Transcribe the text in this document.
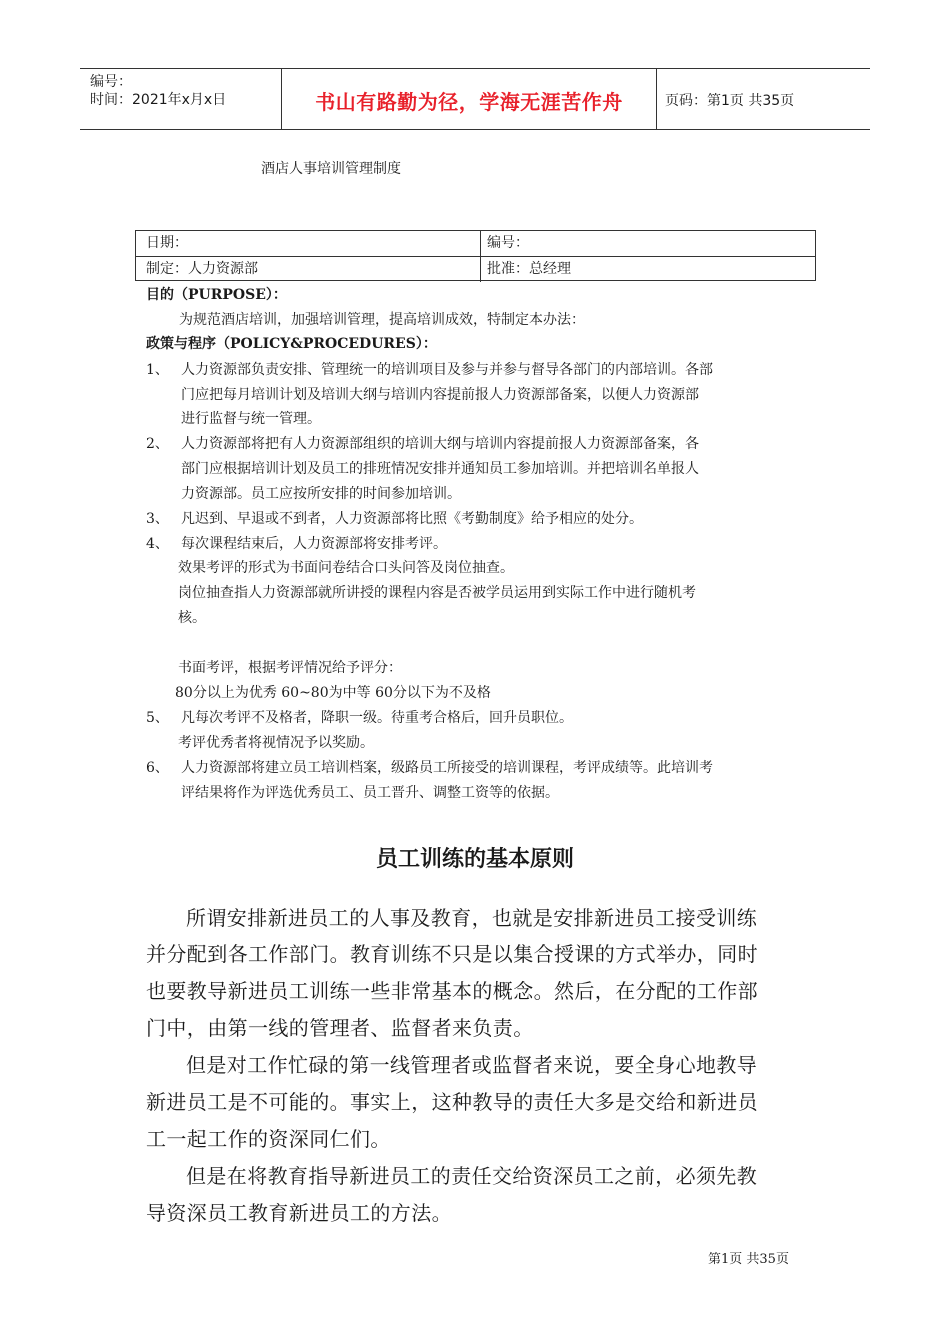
编号：
时间：2021年x月x日	书山有路勤为径，学海无涯苦作舟	页码：第1页 共35页
酒店人事培训管理制度
日期：	编号：
制定：人力资源部	批准：总经理
目的（PURPOSE）：
为规范酒店培训，加强培训管理，提高培训成效，特制定本办法：
政策与程序（POLICY&PROCEDURES）：
1、 人力资源部负责安排、管理统一的培训项目及参与并参与督导各部门的内部培训。各部
门应把每月培训计划及培训大纲与培训内容提前报人力资源部备案，以便人力资源部
进行监督与统一管理。
2、 人力资源部将把有人力资源部组织的培训大纲与培训内容提前报人力资源部备案，各
部门应根据培训计划及员工的排班情况安排并通知员工参加培训。并把培训名单报人
力资源部。员工应按所安排的时间参加培训。
3、 凡迟到、早退或不到者，人力资源部将比照《考勤制度》给予相应的处分。
4、 每次课程结束后，人力资源部将安排考评。
效果考评的形式为书面问卷结合口头问答及岗位抽查。
岗位抽查指人力资源部就所讲授的课程内容是否被学员运用到实际工作中进行随机考
核。
书面考评，根据考评情况给予评分：
80分以上为优秀 60~80为中等 60分以下为不及格
5、 凡每次考评不及格者，降职一级。待重考合格后，回升员职位。
考评优秀者将视情况予以奖励。
6、 人力资源部将建立员工培训档案，级路员工所接受的培训课程，考评成绩等。此培训考
评结果将作为评选优秀员工、员工晋升、调整工资等的依据。
员工训练的基本原则
所谓安排新进员工的人事及教育，也就是安排新进员工接受训练
并分配到各工作部门。教育训练不只是以集合授课的方式举办，同时
也要教导新进员工训练一些非常基本的概念。然后，在分配的工作部
门中，由第一线的管理者、监督者来负责。
但是对工作忙碌的第一线管理者或监督者来说，要全身心地教导
新进员工是不可能的。事实上，这种教导的责任大多是交给和新进员
工一起工作的资深同仁们。
但是在将教育指导新进员工的责任交给资深员工之前，必须先教
导资深员工教育新进员工的方法。
第1页 共35页
